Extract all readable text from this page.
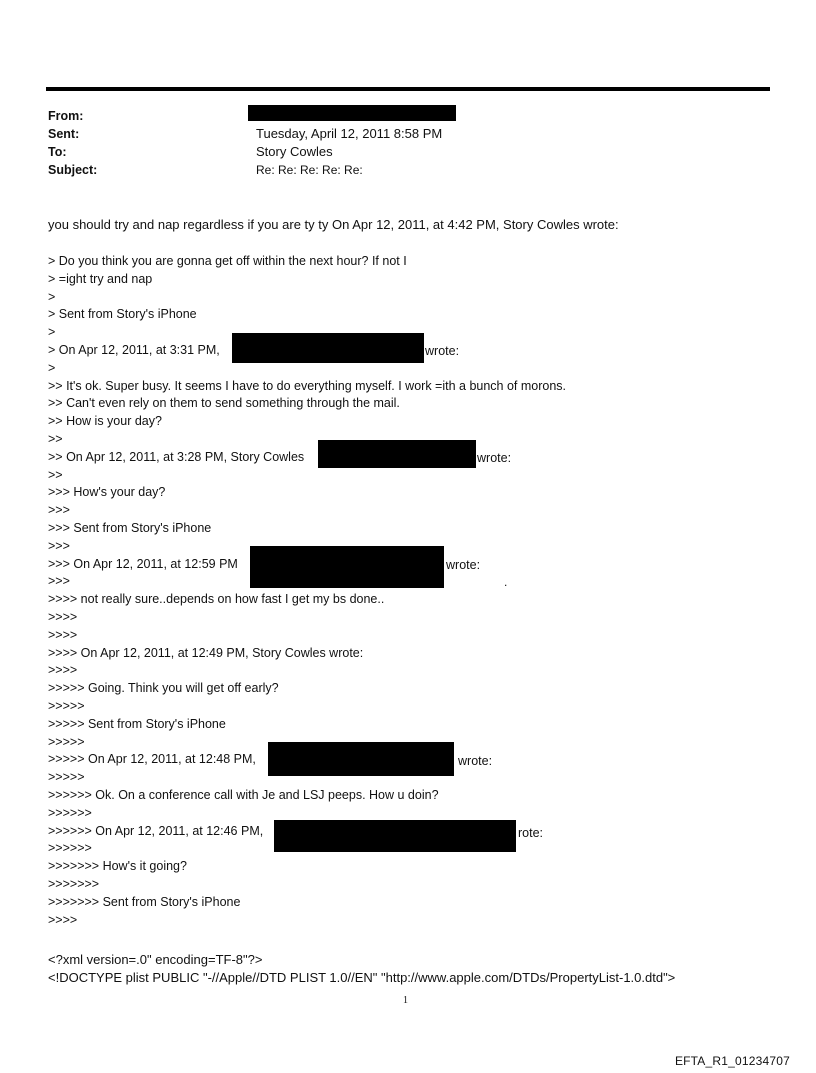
From:
Sent:
To:
Subject:
Tuesday, April 12, 2011 8:58 PM
Story Cowles
Re: Re: Re: Re: Re:
you should try and nap regardless if you are ty ty On Apr 12, 2011, at 4:42 PM, Story Cowles wrote:
> Do you think you are gonna get off within the next hour? If not I
> =ight try and nap
>
> Sent from Story's iPhone
>
> On Apr 12, 2011, at 3:31 PM,
>
>> It's ok. Super busy. It seems I have to do everything myself. I work =ith a bunch of morons.
>> Can't even rely on them to send something through the mail.
>> How is your day?
>>
>> On Apr 12, 2011, at 3:28 PM, Story Cowles
>>
>>> How's your day?
>>>
>>> Sent from Story's iPhone
>>>
>>> On Apr 12, 2011, at 12:59 PM
>>>
>>>> not really sure..depends on how fast I get my bs done..
>>>>
>>>>
>>>> On Apr 12, 2011, at 12:49 PM, Story Cowles wrote:
>>>>
>>>>> Going. Think you will get off early?
>>>>>
>>>>> Sent from Story's iPhone
>>>>>
>>>>> On Apr 12, 2011, at 12:48 PM,
>>>>>
>>>>>> Ok. On a conference call with Je and LSJ peeps. How u doin?
>>>>>>
>>>>>> On Apr 12, 2011, at 12:46 PM,
>>>>>>
>>>>>>> How's it going?
>>>>>>>
>>>>>>> Sent from Story's iPhone
>>>>
wrote:
wrote:
wrote:
.
wrote:
rote:
<?xml version=.0" encoding=TF-8"?>
<!DOCTYPE plist PUBLIC "-//Apple//DTD PLIST 1.0//EN" "http://www.apple.com/DTDs/PropertyList-1.0.dtd">
1
EFTA_R1_01234707
